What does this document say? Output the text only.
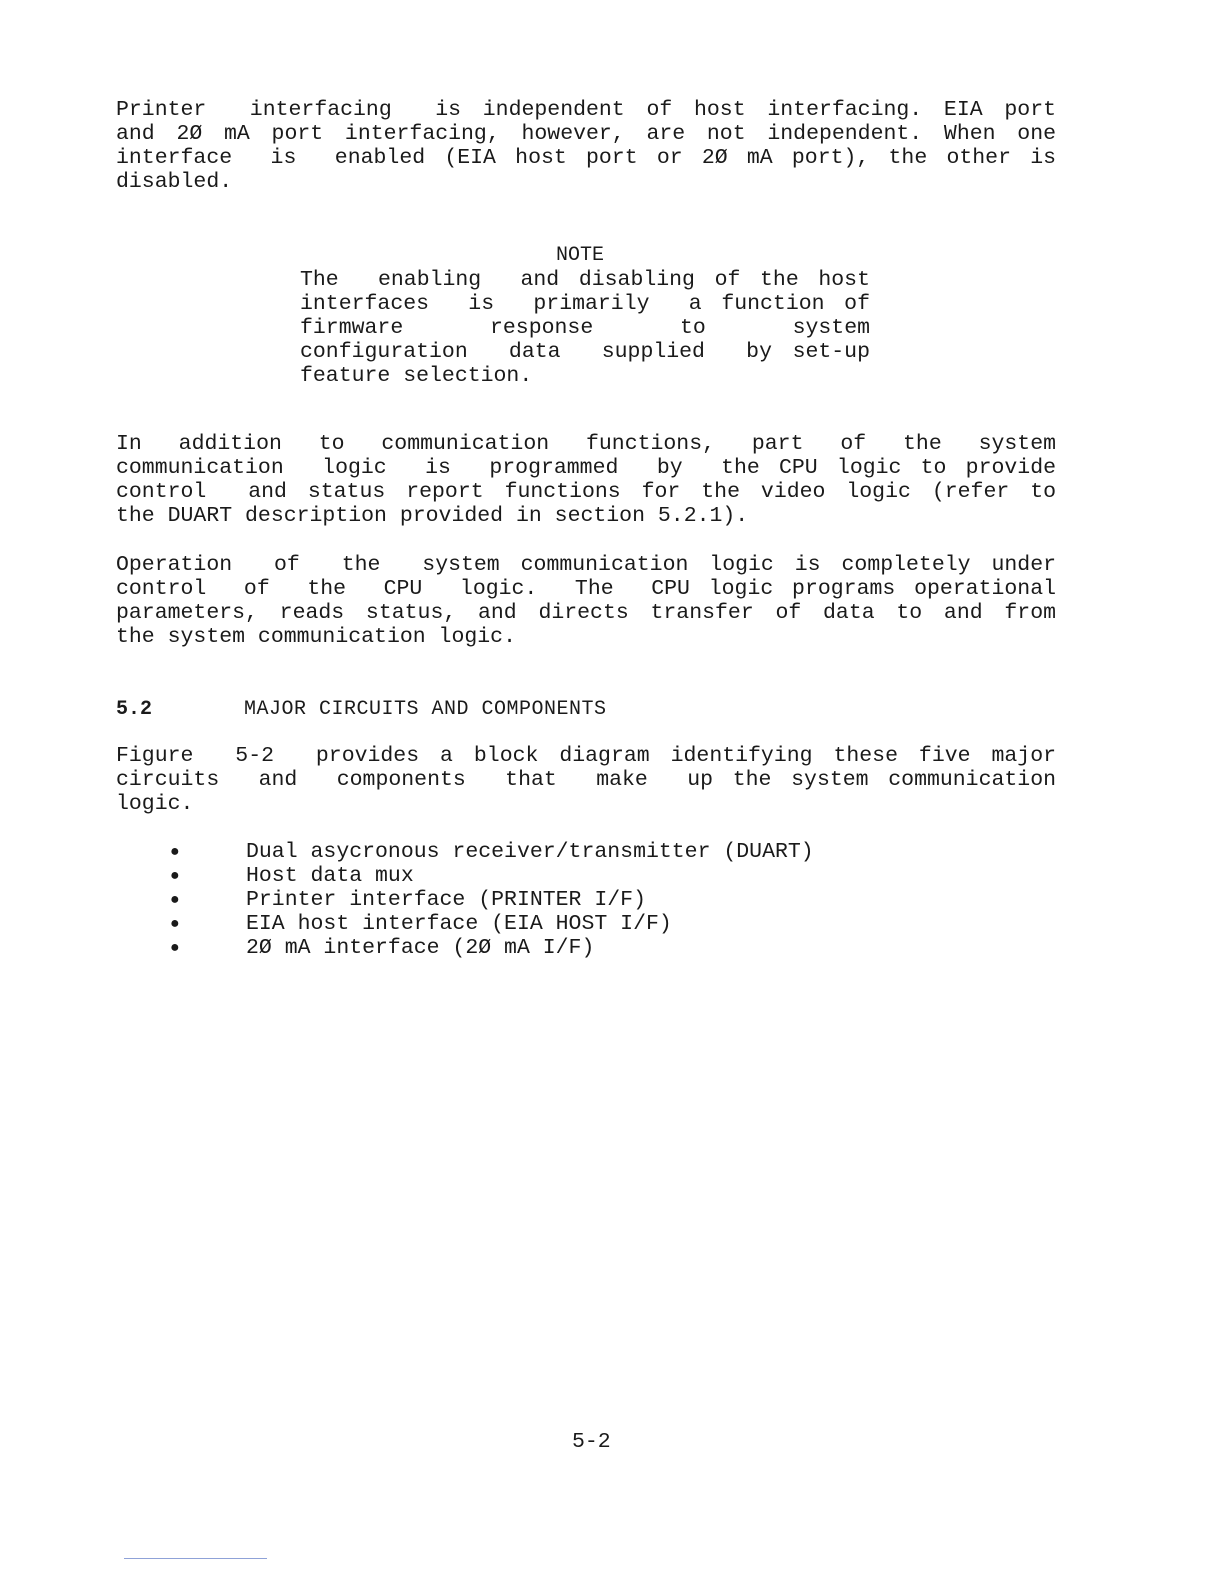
Printer  interfacing  is independent of host interfacing. EIA port
and 2Ø mA port interfacing, however, are not independent. When one
interface  is  enabled (EIA host port or 2Ø mA port), the other is
disabled.
NOTE
The  enabling  and disabling of the host
interfaces  is  primarily  a function of
firmware      response      to      system
configuration  data  supplied  by set-up
feature selection.
In  addition  to  communication  functions,  part  of  the  system
communication  logic  is  programmed  by  the CPU logic to provide
control  and status report functions for the video logic (refer to
the DUART description provided in section 5.2.1).
Operation  of  the  system communication logic is completely under
control  of  the  CPU  logic.  The  CPU logic programs operational
parameters, reads status, and directs transfer of data to and from
the system communication logic.
5.2	MAJOR CIRCUITS AND COMPONENTS
Figure  5-2  provides a block diagram identifying these five major
circuits  and  components  that  make  up the system communication
logic.
●	Dual asycronous receiver/transmitter (DUART)
●	Host data mux
●	Printer interface (PRINTER I/F)
●	EIA host interface (EIA HOST I/F)
●	2Ø mA interface (2Ø mA I/F)
5-2
